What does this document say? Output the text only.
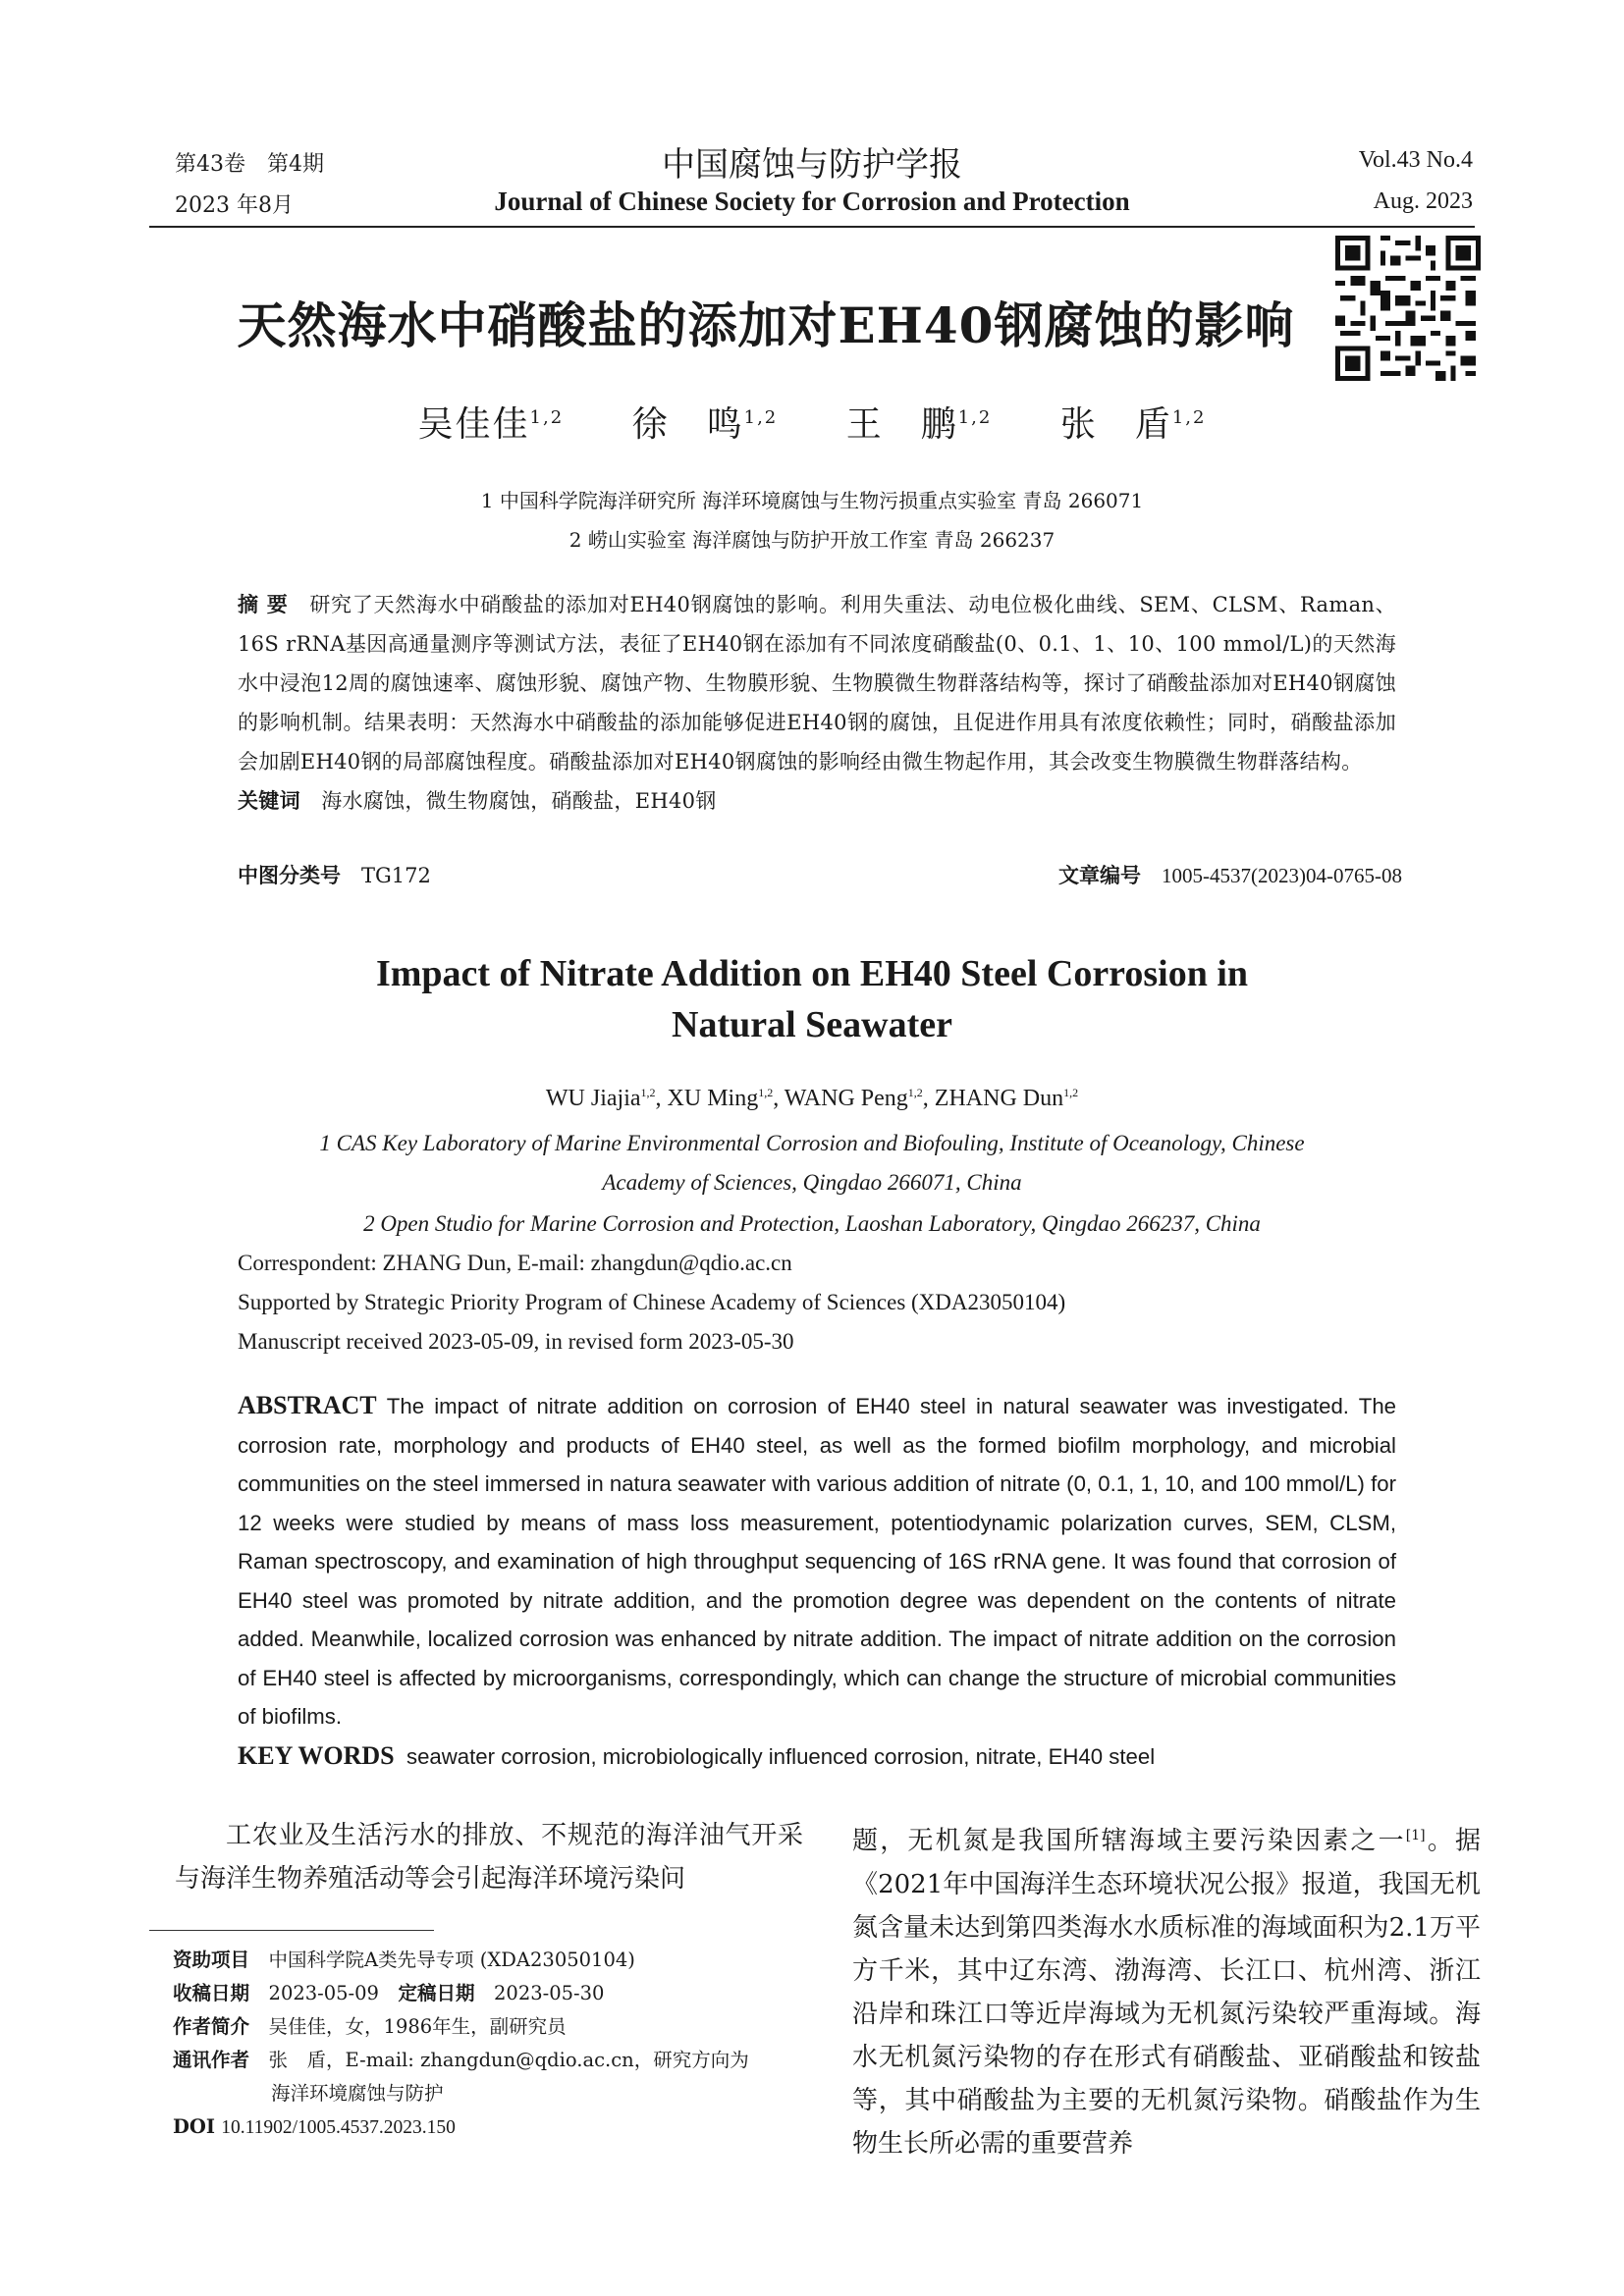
第43卷　第4期
2023 年8月
中国腐蚀与防护学报
Journal of Chinese Society for Corrosion and Protection
Vol.43 No.4
Aug. 2023
天然海水中硝酸盐的添加对EH40钢腐蚀的影响
吴佳佳$^{1,2}$ 徐　鸣$^{1,2}$ 王　鹏$^{1,2}$ 张　盾$^{1,2}$
1 中国科学院海洋研究所 海洋环境腐蚀与生物污损重点实验室 青岛 266071
2 崂山实验室 海洋腐蚀与防护开放工作室 青岛 266237
摘 要　 研究了天然海水中硝酸盐的添加对EH40钢腐蚀的影响。利用失重法、动电位极化曲线、SEM、CLSM、Raman、16S rRNA基因高通量测序等测试方法，表征了EH40钢在添加有不同浓度硝酸盐(0、0.1、1、10、100 mmol/L)的天然海水中浸泡12周的腐蚀速率、腐蚀形貌、腐蚀产物、生物膜形貌、生物膜微生物群落结构等，探讨了硝酸盐添加对EH40钢腐蚀的影响机制。结果表明：天然海水中硝酸盐的添加能够促进EH40钢的腐蚀，且促进作用具有浓度依赖性；同时，硝酸盐添加会加剧EH40钢的局部腐蚀程度。硝酸盐添加对EH40钢腐蚀的影响经由微生物起作用，其会改变生物膜微生物群落结构。
关键词　 海水腐蚀，微生物腐蚀，硝酸盐，EH40钢
中图分类号　 TG172	文章编号　 1005-4537(2023)04-0765-08
Impact of Nitrate Addition on EH40 Steel Corrosion in
Natural Seawater
WU Jiajia$^{1,2}$, XU Ming$^{1,2}$, WANG Peng$^{1,2}$, ZHANG Dun$^{1,2}$
1 CAS Key Laboratory of Marine Environmental Corrosion and Biofouling, Institute of Oceanology, Chinese
Academy of Sciences, Qingdao 266071, China
2 Open Studio for Marine Corrosion and Protection, Laoshan Laboratory, Qingdao 266237, China
Correspondent: ZHANG Dun, E-mail: zhangdun@qdio.ac.cn
Supported by Strategic Priority Program of Chinese Academy of Sciences (XDA23050104)
Manuscript received 2023-05-09, in revised form 2023-05-30
ABSTRACT The impact of nitrate addition on corrosion of EH40 steel in natural seawater was investigated. The corrosion rate, morphology and products of EH40 steel, as well as the formed biofilm morphology, and microbial communities on the steel immersed in natura seawater with various addition of nitrate (0, 0.1, 1, 10, and 100 mmol/L) for 12 weeks were studied by means of mass loss measurement, potentiodynamic polarization curves, SEM, CLSM, Raman spectroscopy, and examination of high throughput sequencing of 16S rRNA gene. It was found that corrosion of EH40 steel was promoted by nitrate addition, and the promotion degree was dependent on the contents of nitrate added. Meanwhile, localized corrosion was enhanced by nitrate addition. The impact of nitrate addition on the corrosion of EH40 steel is affected by microorganisms, correspondingly, which can change the structure of microbial communities of biofilms.
KEY WORDS seawater corrosion, microbiologically influenced corrosion, nitrate, EH40 steel
工农业及生活污水的排放、不规范的海洋油气开采与海洋生物养殖活动等会引起海洋环境污染问
资助项目　 中国科学院A类先导专项 (XDA23050104)
收稿日期　 2023-05-09　 定稿日期　 2023-05-30
作者简介　 吴佳佳，女，1986年生，副研究员
通讯作者　 张　盾，E-mail: zhangdun@qdio.ac.cn，研究方向为
海洋环境腐蚀与防护
DOI 10.11902/1005.4537.2023.150
题，无机氮是我国所辖海域主要污染因素之一[1]。据《2021年中国海洋生态环境状况公报》报道，我国无机氮含量未达到第四类海水水质标准的海域面积为2.1万平方千米，其中辽东湾、渤海湾、长江口、杭州湾、浙江沿岸和珠江口等近岸海域为无机氮污染较严重海域。海水无机氮污染物的存在形式有硝酸盐、亚硝酸盐和铵盐等，其中硝酸盐为主要的无机氮污染物。硝酸盐作为生物生长所必需的重要营养
